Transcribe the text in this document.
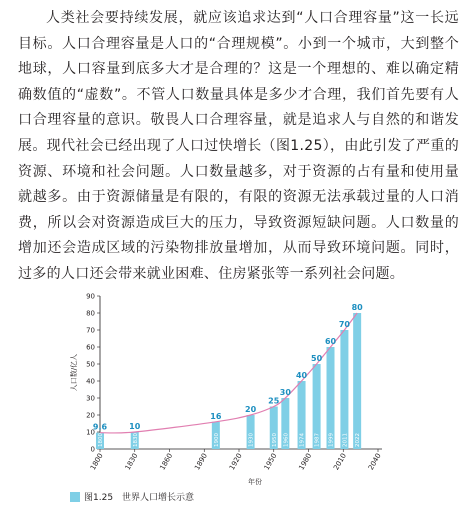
人类社会要持续发展，就应该追求达到“人口合理容量”这一长远目标。人口合理容量是人口的“合理规模”。小到一个城市，大到整个地球，人口容量到底多大才是合理的？这是一个理想的、难以确定精确数值的“虚数”。不管人口数量具体是多少才合理，我们首先要有人口合理容量的意识。敬畏人口合理容量，就是追求人与自然的和谐发展。现代社会已经出现了人口过快增长（图1.25），由此引发了严重的资源、环境和社会问题。人口数量越多，对于资源的占有量和使用量就越多。由于资源储量是有限的，有限的资源无法承载过量的人口消费，所以会对资源造成巨大的压力，导致资源短缺问题。人口数量的增加还会造成区域的污染物排放量增加，从而导致环境问题。同时，过多的人口还会带来就业困难、住房紧张等一系列社会问题。

0
10
20
30
40
50
60
70
80
90
1800	1830	1860	1890	1920	1950	1980	2010	2040
人口数/亿人
年份
1800	1830	1900	1930	1950 1960 1974 1987 1999 2011 2022
9.6	10
16
20
25
30
40
50
60
70
80
图1.25　世界人口增长示意
